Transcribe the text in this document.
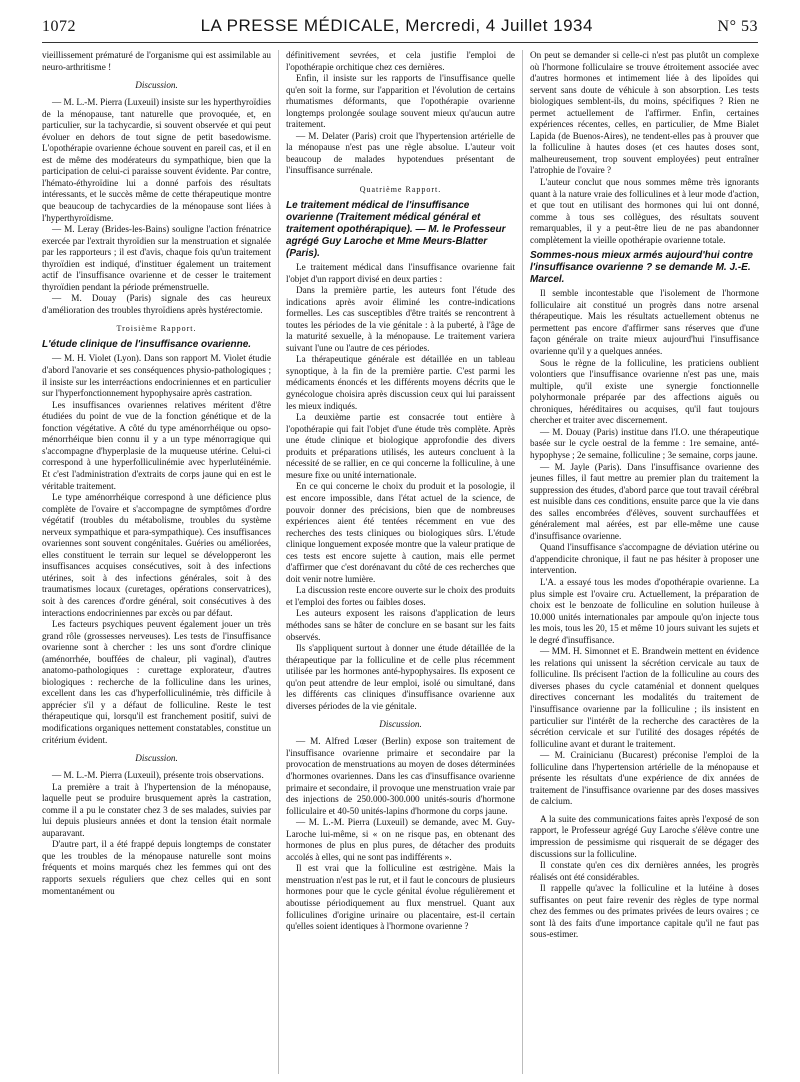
1072	LA PRESSE MÉDICALE, Mercredi, 4 Juillet 1934	N° 53

vieillissement prématuré de l'organisme qui est assimilable au neuro-arthritisme !

Discussion.

— M. L.-M. Pierra (Luxeuil) insiste sur les hyperthyroïdies de la ménopause, tant naturelle que provoquée, et, en particulier, sur la tachycardie, si souvent observée et qui peut évoluer en dehors de tout signe de petit basedowisme. L'opothérapie ovarienne échoue souvent en pareil cas, et il en est de même des modérateurs du sympathique, bien que la participation de celui-ci paraisse souvent évidente. Par contre, l'hémato-éthyroïdine lui a donné parfois des résultats intéressants, et le succès même de cette thérapeutique montre que beaucoup de tachycardies de la ménopause sont liées à l'hyperthyroïdisme.

— M. Leray (Brides-les-Bains) souligne l'action frénatrice exercée par l'extrait thyroïdien sur la menstruation et signalée par les rapporteurs ; il est d'avis, chaque fois qu'un traitement thyroïdien est indiqué, d'instituer également un traitement actif de l'insuffisance ovarienne et de cesser le traitement thyroïdien pendant la période prémenstruelle.

— M. Douay (Paris) signale des cas heureux d'amélioration des troubles thyroïdiens après hystérectomie.

Troisième Rapport.
L'étude clinique de l'insuffisance ovarienne.

— M. H. Violet (Lyon). Dans son rapport M. Violet étudie d'abord l'anovarie et ses conséquences physio-pathologiques ; il insiste sur les interréactions endocriniennes et en particulier sur l'hyperfonctionnement hypophysaire après castration.

Les insuffisances ovariennes relatives méritent d'être étudiées du point de vue de la fonction génétique et de la fonction végétative. A côté du type aménorrhéique ou opso-ménorrhéique bien connu il y a un type ménorragique qui s'accompagne d'hyperplasie de la muqueuse utérine. Celui-ci correspond à une hyperfolliculinémie avec hyperlutéinémie. Et c'est l'administration d'extraits de corps jaune qui en est le véritable traitement.

Le type aménorrhéique correspond à une déficience plus complète de l'ovaire et s'accompagne de symptômes d'ordre végétatif (troubles du métabolisme, troubles du système nerveux sympathique et para-sympathique). Ces insuffisances ovariennes sont souvent congénitales. Guéries ou améliorées, elles constituent le terrain sur lequel se développeront les insuffisances acquises consécutives, soit à des infections utérines, soit à des infections générales, soit à des traumatismes locaux (curetages, opérations conservatrices), soit à des carences d'ordre général, soit consécutives à des interactions endocriniennes par excès ou par défaut.

Les facteurs psychiques peuvent également jouer un très grand rôle (grossesses nerveuses). Les tests de l'insuffisance ovarienne sont à chercher : les uns sont d'ordre clinique (aménorrhée, bouffées de chaleur, pli vaginal), d'autres anatomo-pathologiques : curettage explorateur, d'autres biologiques : recherche de la folliculine dans les urines, excellent dans les cas d'hyperfolliculinémie, très difficile à apprécier s'il y a défaut de folliculine. Reste le test thérapeutique qui, lorsqu'il est franchement positif, suivi de modifications organiques nettement constatables, constitue un critérium évident.

Discussion.

— M. L.-M. Pierra (Luxeuil), présente trois observations.

La première a trait à l'hypertension de la ménopause, laquelle peut se produire brusquement après la castration, comme il a pu le constater chez 3 de ses malades, suivies par lui depuis plusieurs années et dont la tension était normale auparavant.

D'autre part, il a été frappé depuis longtemps de constater que les troubles de la ménopause naturelle sont moins fréquents et moins marqués chez les femmes qui ont des rapports sexuels réguliers que chez celles qui en sont momentanément ou

définitivement sevrées, et cela justifie l'emploi de l'opothérapie orchitique chez ces dernières.

Enfin, il insiste sur les rapports de l'insuffisance quelle qu'en soit la forme, sur l'apparition et l'évolution de certains rhumatismes déformants, que l'opothérapie ovarienne longtemps prolongée soulage souvent mieux qu'aucun autre traitement.

— M. Delater (Paris) croit que l'hypertension artérielle de la ménopause n'est pas une règle absolue. L'auteur voit beaucoup de malades hypotendues présentant de l'insuffisance surrénale.

Quatrième Rapport.
Le traitement médical de l'insuffisance ovarienne (Traitement médical général et traitement opothérapique). — M. le Professeur agrégé Guy Laroche et Mme Meurs-Blatter (Paris).

Le traitement médical dans l'insuffisance ovarienne fait l'objet d'un rapport divisé en deux parties :

Dans la première partie, les auteurs font l'étude des indications après avoir éliminé les contre-indications formelles. Les cas susceptibles d'être traités se rencontrent à toutes les périodes de la vie génitale : à la puberté, à l'âge de la maturité sexuelle, à la ménopause. Le traitement variera suivant l'une ou l'autre de ces périodes.

La thérapeutique générale est détaillée en un tableau synoptique, à la fin de la première partie. C'est parmi les médicaments énoncés et les différents moyens décrits que le gynécologue choisira après discussion ceux qui lui paraissent les mieux indiqués.

La deuxième partie est consacrée tout entière à l'opothérapie qui fait l'objet d'une étude très complète. Après une étude clinique et biologique approfondie des divers produits et préparations utilisés, les auteurs concluent à la nécessité de se rallier, en ce qui concerne la folliculine, à une mesure fixe ou unité internationale.

En ce qui concerne le choix du produit et la posologie, il est encore impossible, dans l'état actuel de la science, de pouvoir donner des précisions, bien que de nombreuses expériences aient été tentées récemment en vue des recherches des tests cliniques ou biologiques sûrs. L'étude clinique longuement exposée montre que la valeur pratique de ces tests est encore sujette à caution, mais elle permet d'affirmer que c'est dorénavant du côté de ces recherches que doit venir notre lumière.

La discussion reste encore ouverte sur le choix des produits et l'emploi des fortes ou faibles doses.

Les auteurs exposent les raisons d'application de leurs méthodes sans se hâter de conclure en se basant sur les faits observés.

Ils s'appliquent surtout à donner une étude détaillée de la thérapeutique par la folliculine et de celle plus récemment utilisée par les hormones anté-hypophysaires. Ils exposent ce qu'on peut attendre de leur emploi, isolé ou simultané, dans les différents cas cliniques d'insuffisance ovarienne aux diverses périodes de la vie génitale.

Discussion.

— M. Alfred Lœser (Berlin) expose son traitement de l'insuffisance ovarienne primaire et secondaire par la provocation de menstruations au moyen de doses déterminées d'hormones ovariennes. Dans les cas d'insuffisance ovarienne primaire et secondaire, il provoque une menstruation vraie par des injections de 250.000-300.000 unités-souris d'hormone folliculaire et 40-50 unités-lapins d'hormone du corps jaune.

— M. L.-M. Pierra (Luxeuil) se demande, avec M. Guy-Laroche lui-même, si « on ne risque pas, en obtenant des hormones de plus en plus pures, de détacher des produits accolés à elles, qui ne sont pas indifférents ».

Il est vrai que la folliculine est œstrigène. Mais la menstruation n'est pas le rut, et il faut le concours de plusieurs hormones pour que le cycle génital évolue régulièrement et aboutisse périodiquement au flux menstruel. Quant aux folliculines d'origine urinaire ou placentaire, est-il certain qu'elles soient identiques à l'hormone ovarienne ?

On peut se demander si celle-ci n'est pas plutôt un complexe où l'hormone folliculaire se trouve étroitement associée avec d'autres hormones et intimement liée à des lipoïdes qui servent sans doute de véhicule à son absorption. Les tests biologiques semblent-ils, du moins, spécifiques ? Rien ne permet actuellement de l'affirmer. Enfin, certaines expériences récentes, celles, en particulier, de Mme Bialet Lapida (de Buenos-Aires), ne tendent-elles pas à prouver que la folliculine à hautes doses (et ces hautes doses sont, malheureusement, trop souvent employées) peut entraîner l'atrophie de l'ovaire ?

L'auteur conclut que nous sommes même très ignorants quant à la nature vraie des folliculines et à leur mode d'action, et que tout en utilisant des hormones qui lui ont donné, comme à tous ses collègues, des résultats souvent remarquables, il y a peut-être lieu de ne pas abandonner complètement la vieille opothérapie ovarienne totale.

Sommes-nous mieux armés aujourd'hui contre l'insuffisance ovarienne ? se demande M. J.-E. Marcel.

Il semble incontestable que l'isolement de l'hormone folliculaire ait constitué un progrès dans notre arsenal thérapeutique. Mais les résultats actuellement obtenus ne permettent pas encore d'affirmer sans réserves que d'une façon générale on traite mieux aujourd'hui l'insuffisance ovarienne qu'il y a quelques années.

Sous le règne de la folliculine, les praticiens oublient volontiers que l'insuffisance ovarienne n'est pas une, mais multiple, qu'il existe une synergie fonctionnelle polyhormonale préparée par des affections aiguës ou chroniques, héréditaires ou acquises, qu'il faut toujours chercher et traiter avec discernement.

— M. Douay (Paris) institue dans l'I.O. une thérapeutique basée sur le cycle oestral de la femme : 1re semaine, anté-hypophyse ; 2e semaine, folliculine ; 3e semaine, corps jaune.

— M. Jayle (Paris). Dans l'insuffisance ovarienne des jeunes filles, il faut mettre au premier plan du traitement la suppression des études, d'abord parce que tout travail cérébral est nuisible dans ces conditions, ensuite parce que la vie dans des salles encombrées d'élèves, souvent surchauffées et généralement mal aérées, est par elle-même une cause d'insuffisance ovarienne.

Quand l'insuffisance s'accompagne de déviation utérine ou d'appendicite chronique, il faut ne pas hésiter à proposer une intervention.

L'A. a essayé tous les modes d'opothérapie ovarienne. La plus simple est l'ovaire cru. Actuellement, la préparation de choix est le benzoate de folliculine en solution huileuse à 10.000 unités internationales par ampoule qu'on injecte tous les mois, tous les 20, 15 et même 10 jours suivant les sujets et le degré d'insuffisance.

— MM. H. Simonnet et E. Brandwein mettent en évidence les relations qui unissent la sécrétion cervicale au taux de folliculine. Ils précisent l'action de la folliculine au cours des diverses phases du cycle cataménial et donnent quelques directives concernant les modalités du traitement de l'insuffisance ovarienne par la folliculine ; ils insistent en particulier sur l'intérêt de la recherche des caractères de la sécrétion cervicale et sur l'utilité des dosages répétés de folliculine avant et durant le traitement.

— M. Crainicianu (Bucarest) préconise l'emploi de la folliculine dans l'hypertension artérielle de la ménopause et présente les résultats d'une expérience de dix années de traitement de l'insuffisance ovarienne par des doses massives de calcium.

A la suite des communications faites après l'exposé de son rapport, le Professeur agrégé Guy Laroche s'élève contre une impression de pessimisme qui risquerait de se dégager des discussions sur la folliculine.

Il constate qu'en ces dix dernières années, les progrès réalisés ont été considérables.

Il rappelle qu'avec la folliculine et la lutéine à doses suffisantes on peut faire revenir des règles de type normal chez des femmes ou des primates privées de leurs ovaires ; ce sont là des faits d'une importance capitale qu'il ne faut pas sous-estimer.
